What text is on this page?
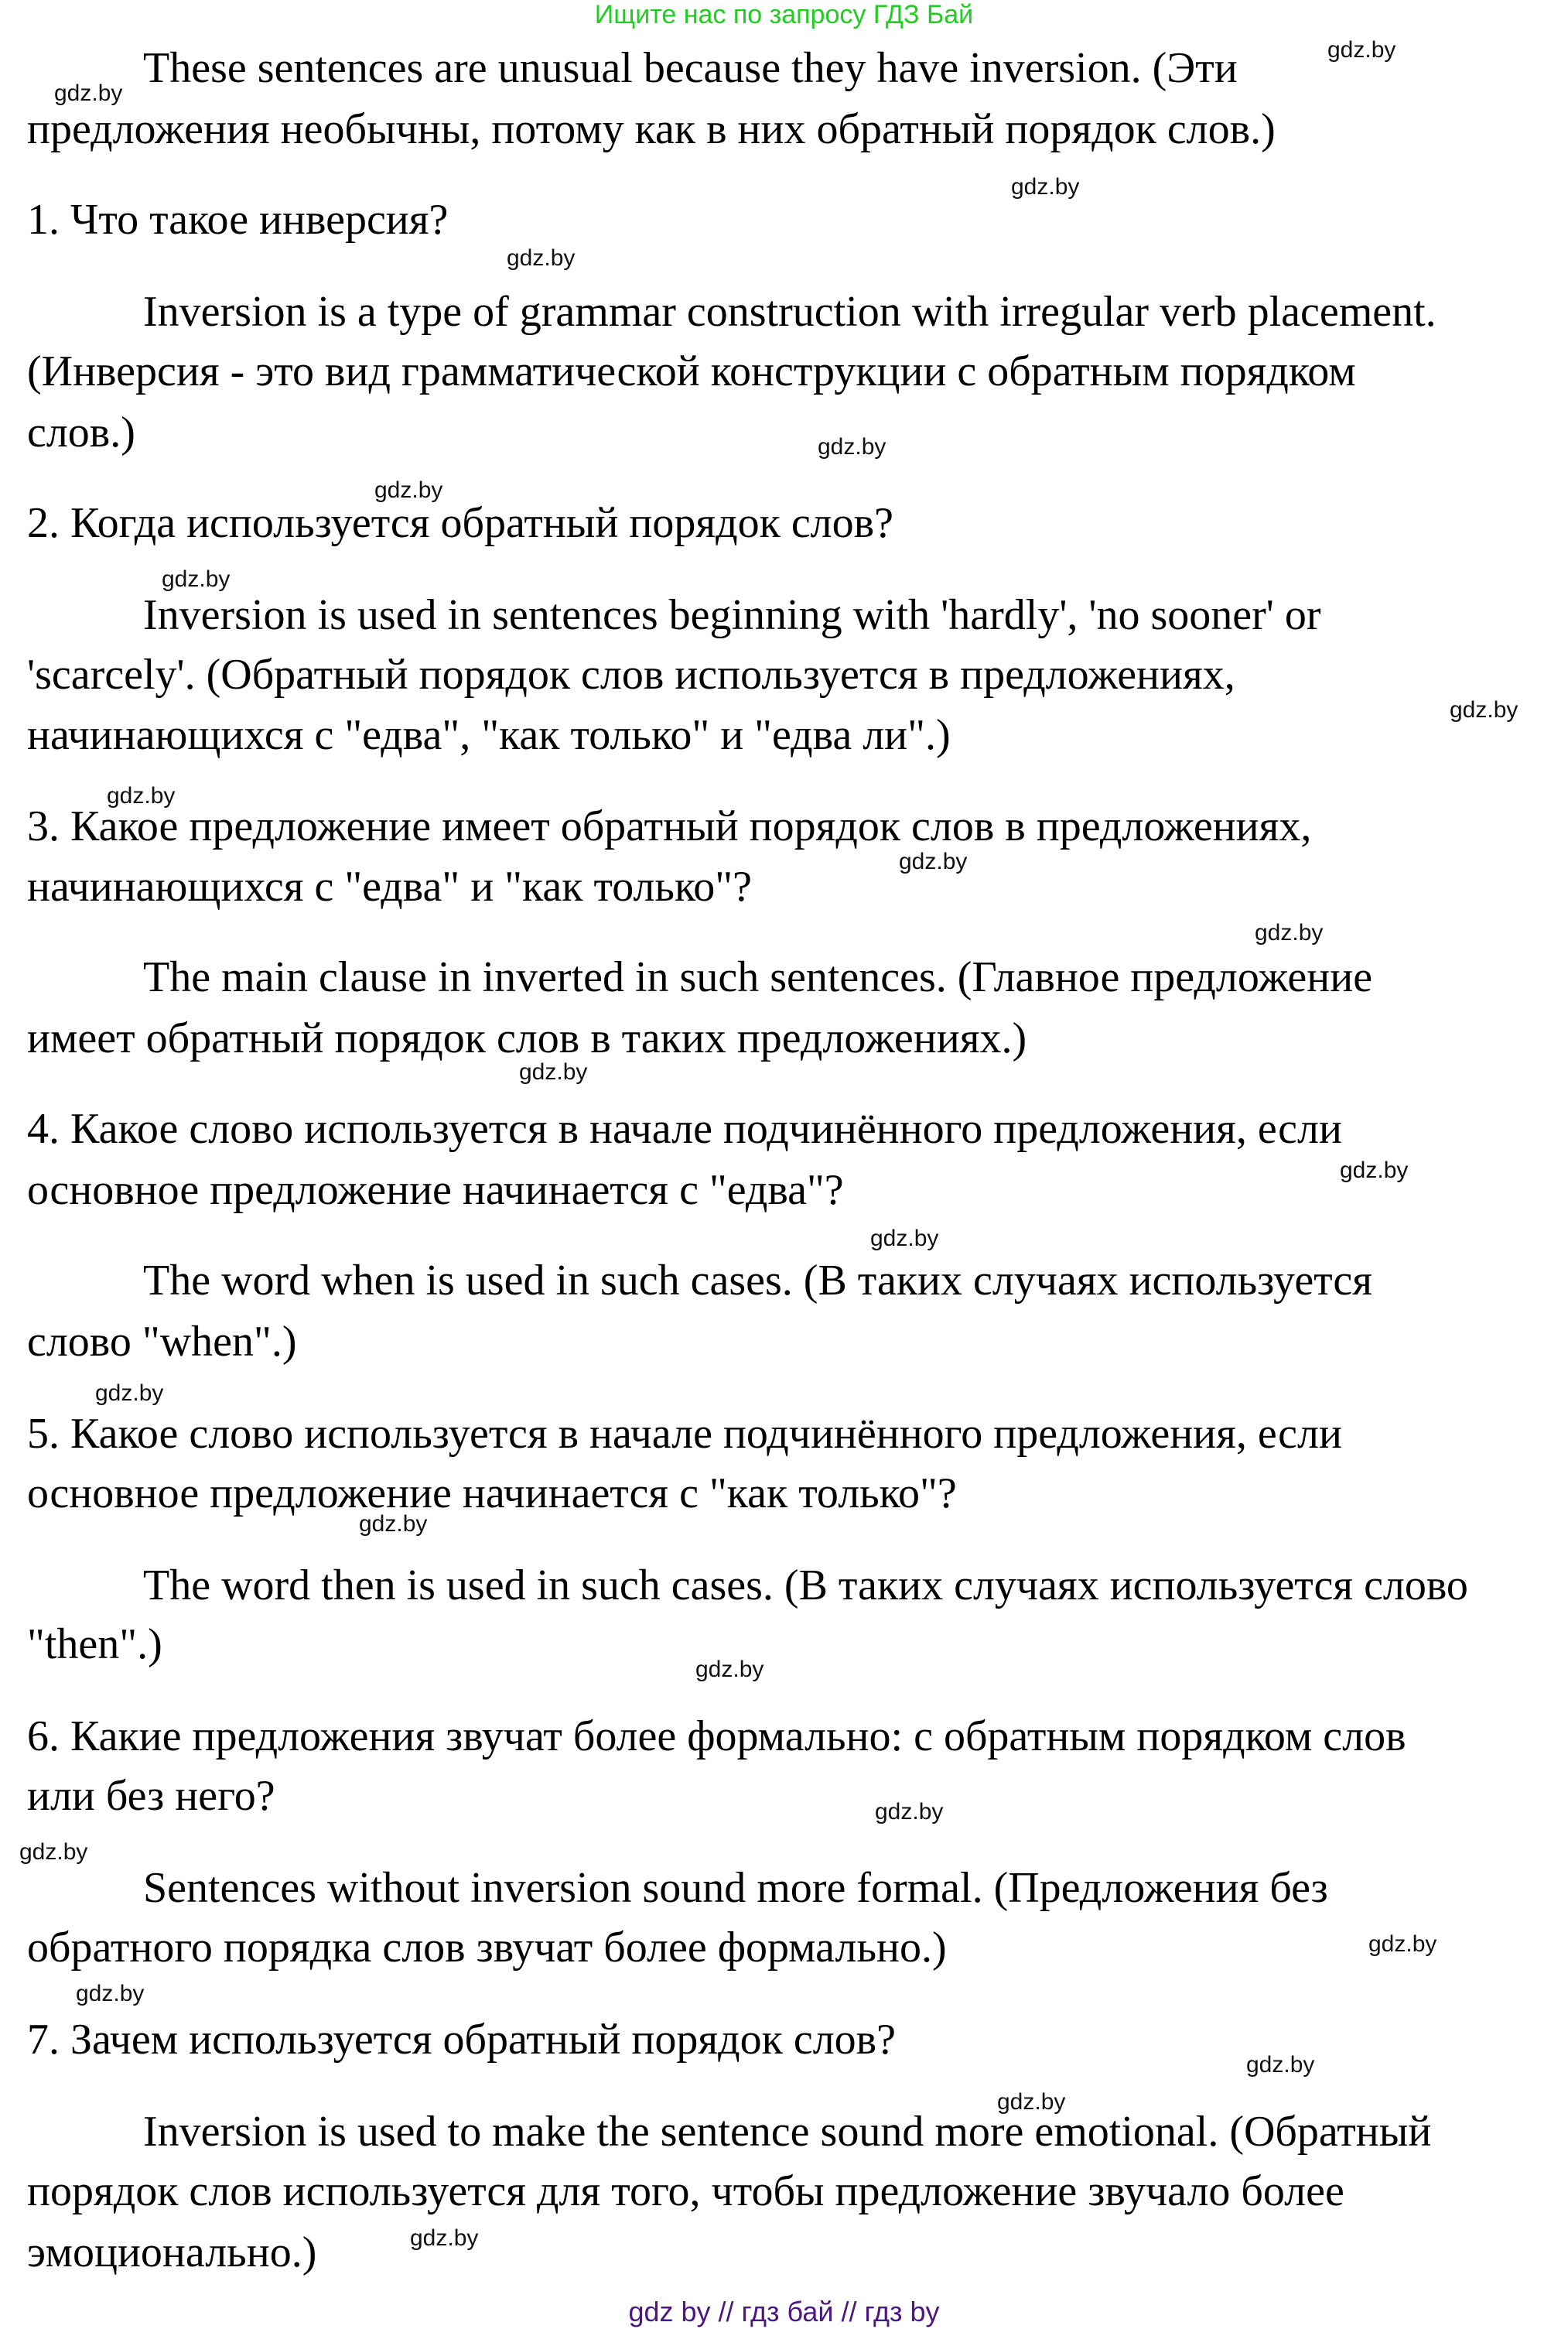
Ищите нас по запросу ГДЗ Бай
These sentences are unusual because they have inversion. (Эти
предложения необычны, потому как в них обратный порядок слов.)
1. Что такое инверсия?
Inversion is a type of grammar construction with irregular verb placement.
(Инверсия - это вид грамматической конструкции с обратным порядком
слов.)
2. Когда используется обратный порядок слов?
Inversion is used in sentences beginning with 'hardly', 'no sooner' or
'scarcely'. (Обратный порядок слов используется в предложениях,
начинающихся с "едва", "как только" и "едва ли".)
3. Какое предложение имеет обратный порядок слов в предложениях,
начинающихся с "едва" и "как только"?
The main clause in inverted in such sentences. (Главное предложение
имеет обратный порядок слов в таких предложениях.)
4. Какое слово используется в начале подчинённого предложения, если
основное предложение начинается с "едва"?
The word when is used in such cases. (В таких случаях используется
слово "when".)
5. Какое слово используется в начале подчинённого предложения, если
основное предложение начинается с "как только"?
The word then is used in such cases. (В таких случаях используется слово
"then".)
6. Какие предложения звучат более формально: с обратным порядком слов
или без него?
Sentences without inversion sound more formal. (Предложения без
обратного порядка слов звучат более формально.)
7. Зачем используется обратный порядок слов?
Inversion is used to make the sentence sound more emotional. (Обратный
порядок слов используется для того, чтобы предложение звучало более
эмоционально.)
gdz.by
gdz.by
gdz.by
gdz.by
gdz.by
gdz.by
gdz.by
gdz.by
gdz.by
gdz.by
gdz.by
gdz.by
gdz.by
gdz.by
gdz.by
gdz.by
gdz.by
gdz.by
gdz.by
gdz.by
gdz.by
gdz.by
gdz.by
gdz.by
gdz by // гдз бай // гдз by
